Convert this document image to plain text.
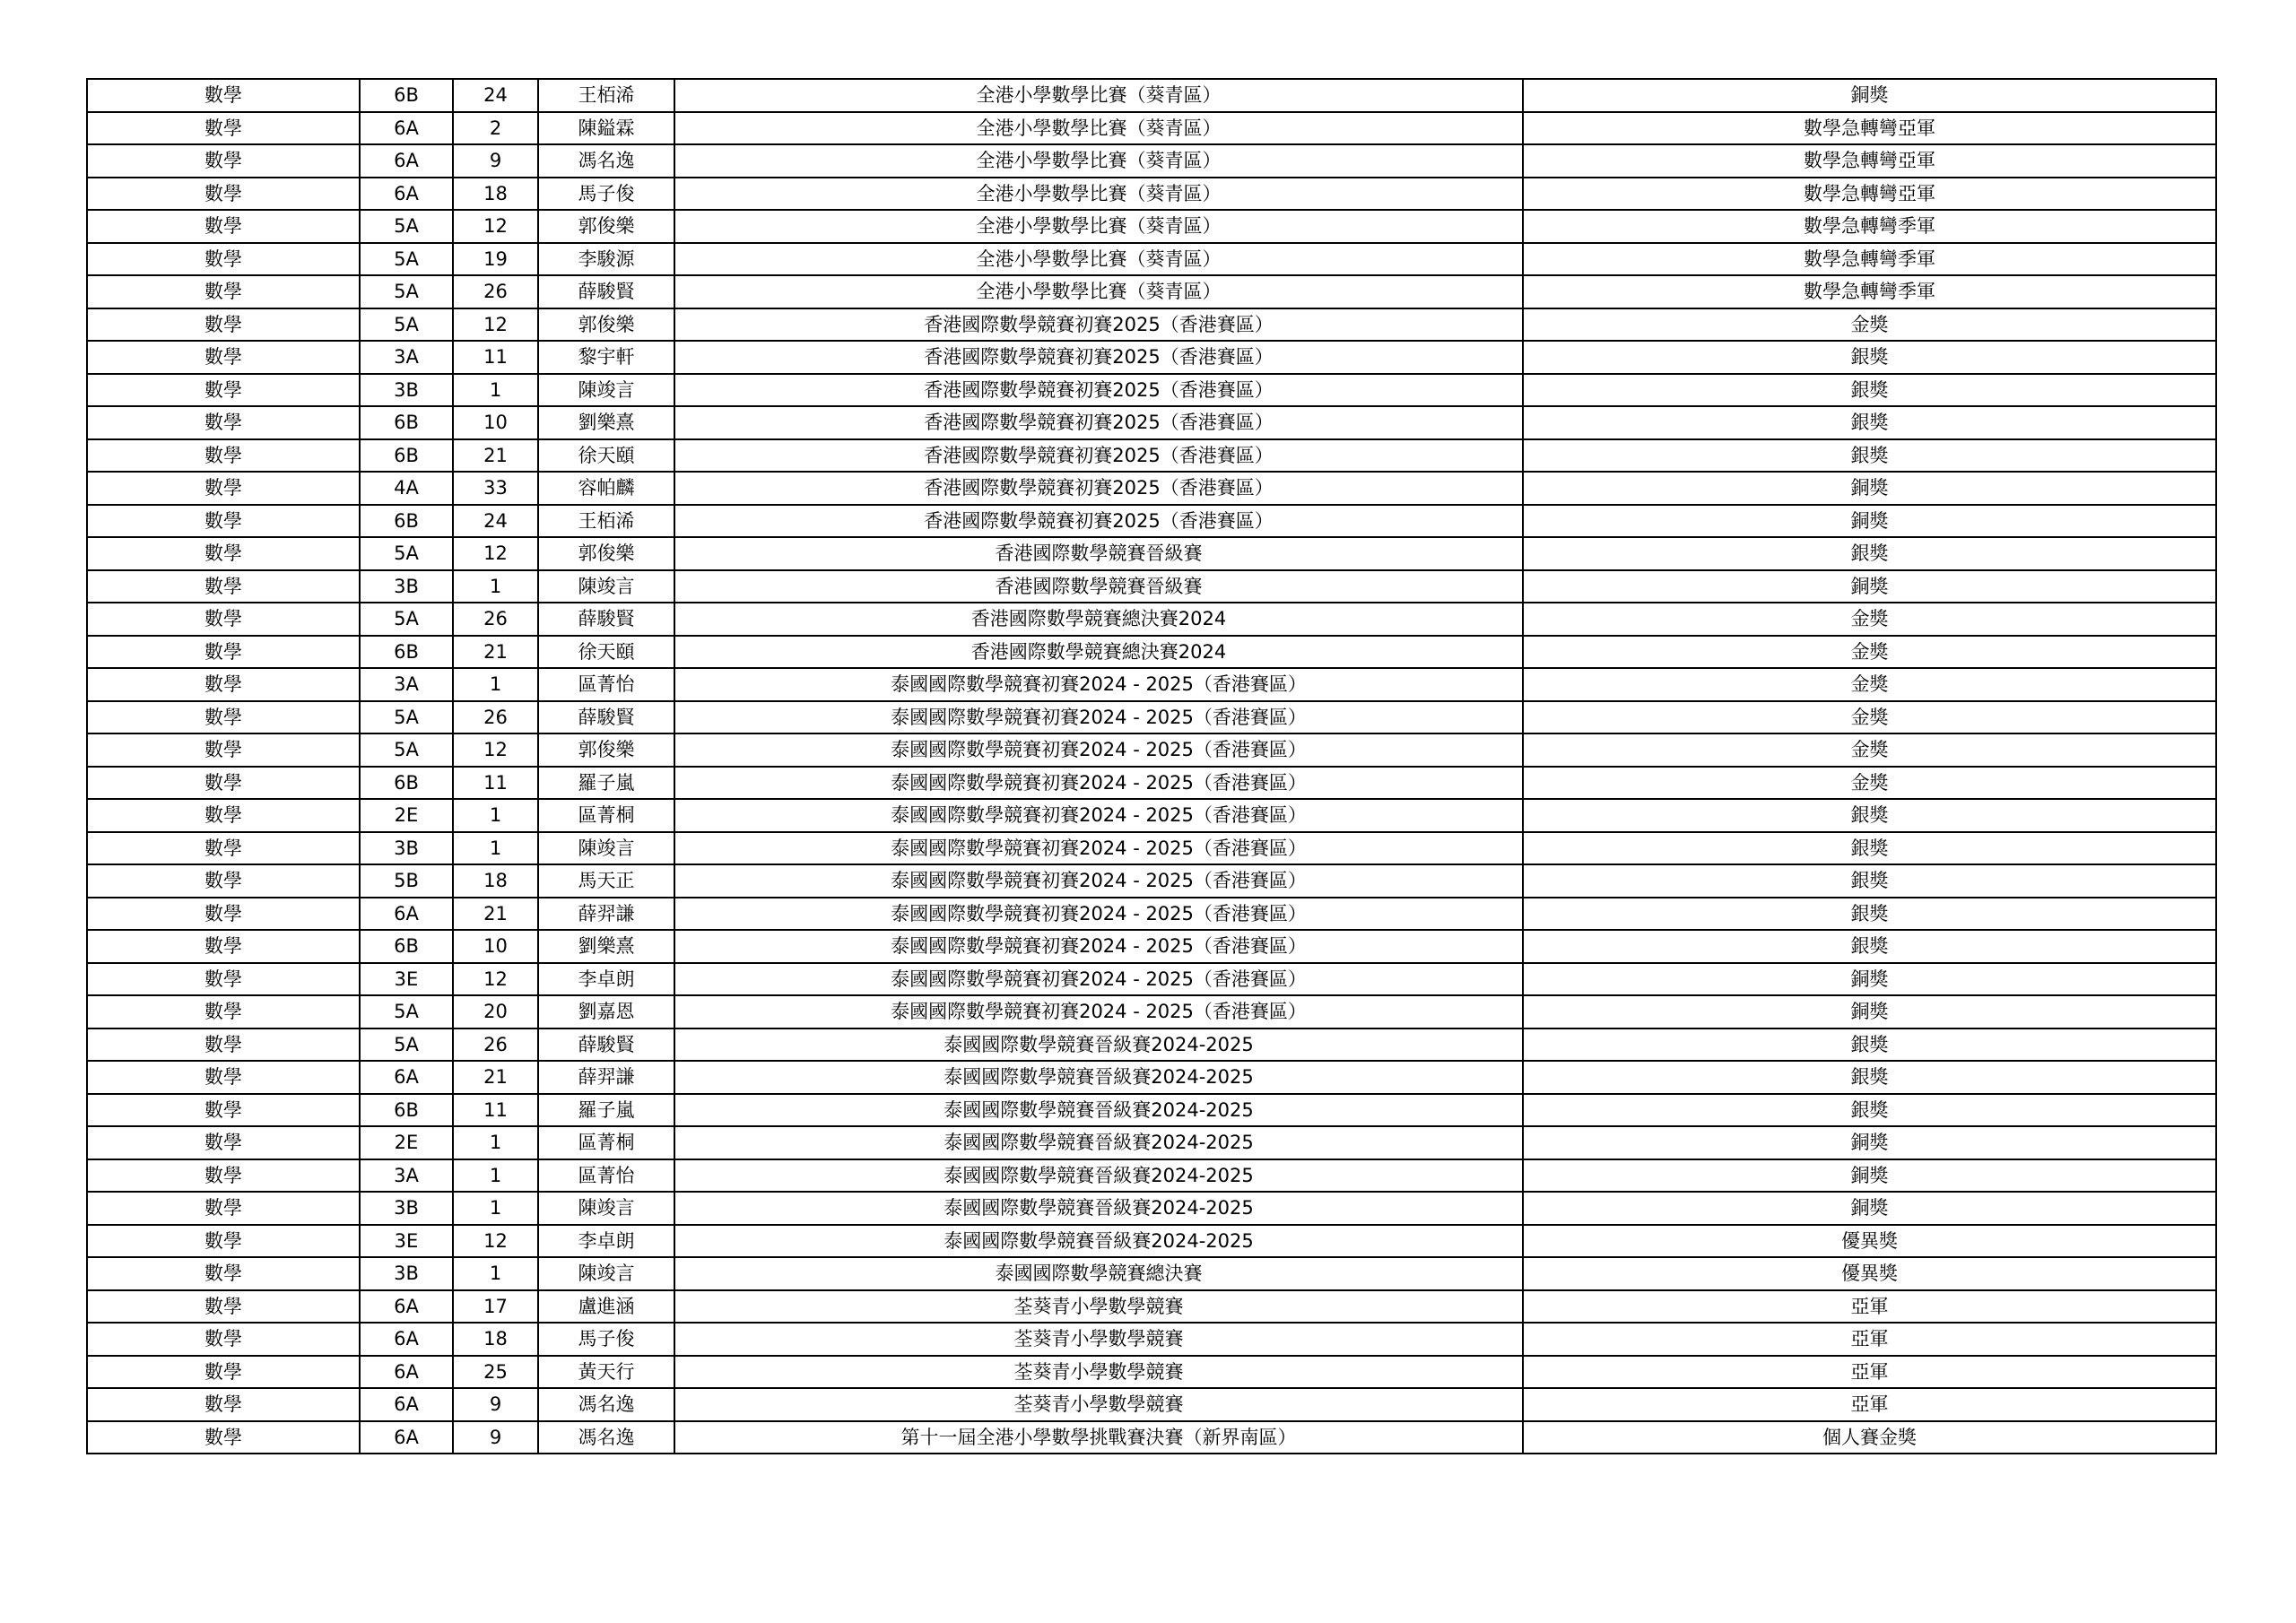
數學	6B	24	王栢浠	全港小學數學比賽（葵青區）	銅獎
數學	6A	2	陳鎰霖	全港小學數學比賽（葵青區）	數學急轉彎亞軍
數學	6A	9	馮名逸	全港小學數學比賽（葵青區）	數學急轉彎亞軍
數學	6A	18	馬子俊	全港小學數學比賽（葵青區）	數學急轉彎亞軍
數學	5A	12	郭俊樂	全港小學數學比賽（葵青區）	數學急轉彎季軍
數學	5A	19	李駿源	全港小學數學比賽（葵青區）	數學急轉彎季軍
數學	5A	26	薛駿賢	全港小學數學比賽（葵青區）	數學急轉彎季軍
數學	5A	12	郭俊樂	香港國際數學競賽初賽2025（香港賽區）	金獎
數學	3A	11	黎宇軒	香港國際數學競賽初賽2025（香港賽區）	銀獎
數學	3B	1	陳竣言	香港國際數學競賽初賽2025（香港賽區）	銀獎
數學	6B	10	劉樂熹	香港國際數學競賽初賽2025（香港賽區）	銀獎
數學	6B	21	徐天頤	香港國際數學競賽初賽2025（香港賽區）	銀獎
數學	4A	33	容帕麟	香港國際數學競賽初賽2025（香港賽區）	銅獎
數學	6B	24	王栢浠	香港國際數學競賽初賽2025（香港賽區）	銅獎
數學	5A	12	郭俊樂	香港國際數學競賽晉級賽	銀獎
數學	3B	1	陳竣言	香港國際數學競賽晉級賽	銅獎
數學	5A	26	薛駿賢	香港國際數學競賽總決賽2024	金獎
數學	6B	21	徐天頤	香港國際數學競賽總決賽2024	金獎
數學	3A	1	區菁怡	泰國國際數學競賽初賽2024 - 2025（香港賽區）	金獎
數學	5A	26	薛駿賢	泰國國際數學競賽初賽2024 - 2025（香港賽區）	金獎
數學	5A	12	郭俊樂	泰國國際數學競賽初賽2024 - 2025（香港賽區）	金獎
數學	6B	11	羅子嵐	泰國國際數學競賽初賽2024 - 2025（香港賽區）	金獎
數學	2E	1	區菁桐	泰國國際數學競賽初賽2024 - 2025（香港賽區）	銀獎
數學	3B	1	陳竣言	泰國國際數學競賽初賽2024 - 2025（香港賽區）	銀獎
數學	5B	18	馬天正	泰國國際數學競賽初賽2024 - 2025（香港賽區）	銀獎
數學	6A	21	薛羿謙	泰國國際數學競賽初賽2024 - 2025（香港賽區）	銀獎
數學	6B	10	劉樂熹	泰國國際數學競賽初賽2024 - 2025（香港賽區）	銀獎
數學	3E	12	李卓朗	泰國國際數學競賽初賽2024 - 2025（香港賽區）	銅獎
數學	5A	20	劉嘉恩	泰國國際數學競賽初賽2024 - 2025（香港賽區）	銅獎
數學	5A	26	薛駿賢	泰國國際數學競賽晉級賽2024-2025	銀獎
數學	6A	21	薛羿謙	泰國國際數學競賽晉級賽2024-2025	銀獎
數學	6B	11	羅子嵐	泰國國際數學競賽晉級賽2024-2025	銀獎
數學	2E	1	區菁桐	泰國國際數學競賽晉級賽2024-2025	銅獎
數學	3A	1	區菁怡	泰國國際數學競賽晉級賽2024-2025	銅獎
數學	3B	1	陳竣言	泰國國際數學競賽晉級賽2024-2025	銅獎
數學	3E	12	李卓朗	泰國國際數學競賽晉級賽2024-2025	優異獎
數學	3B	1	陳竣言	泰國國際數學競賽總決賽	優異獎
數學	6A	17	盧進涵	荃葵青小學數學競賽	亞軍
數學	6A	18	馬子俊	荃葵青小學數學競賽	亞軍
數學	6A	25	黃天行	荃葵青小學數學競賽	亞軍
數學	6A	9	馮名逸	荃葵青小學數學競賽	亞軍
數學	6A	9	馮名逸	第十一屆全港小學數學挑戰賽決賽（新界南區）	個人賽金獎
